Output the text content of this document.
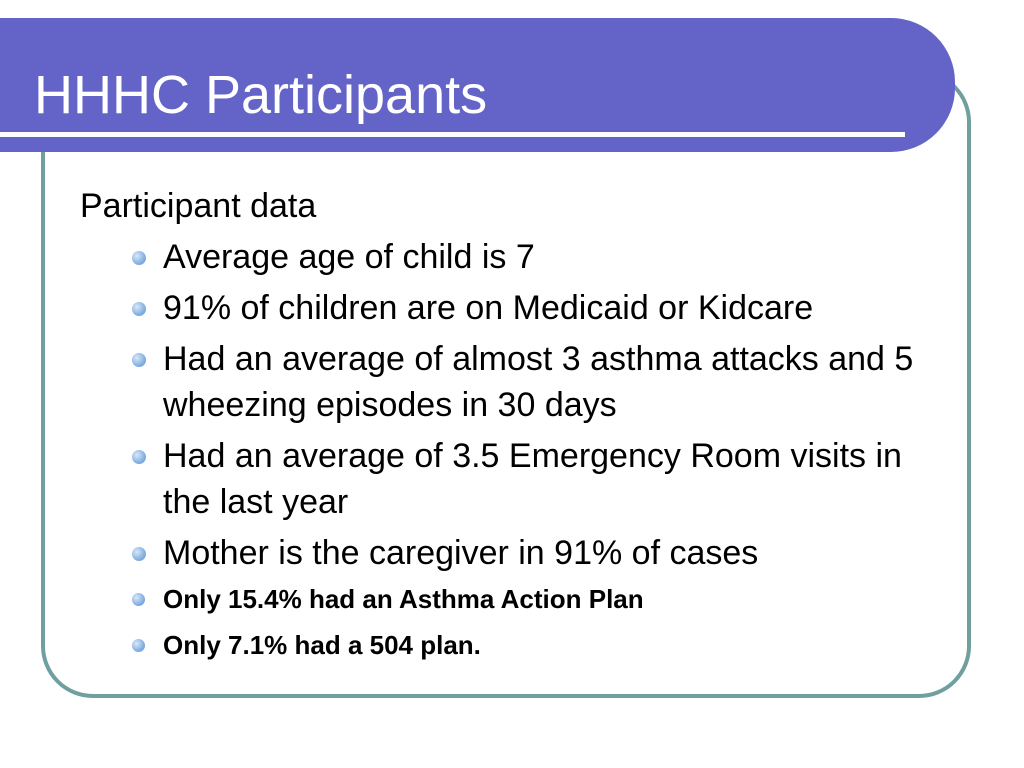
HHHC Participants
Participant data
Average age of child is 7
91% of children are on Medicaid or Kidcare
Had an average of almost 3 asthma attacks and 5 wheezing episodes in 30 days
Had an average of 3.5 Emergency Room visits in the last year
Mother is the caregiver in 91% of cases
Only 15.4% had an Asthma Action Plan
Only 7.1% had a 504 plan.
